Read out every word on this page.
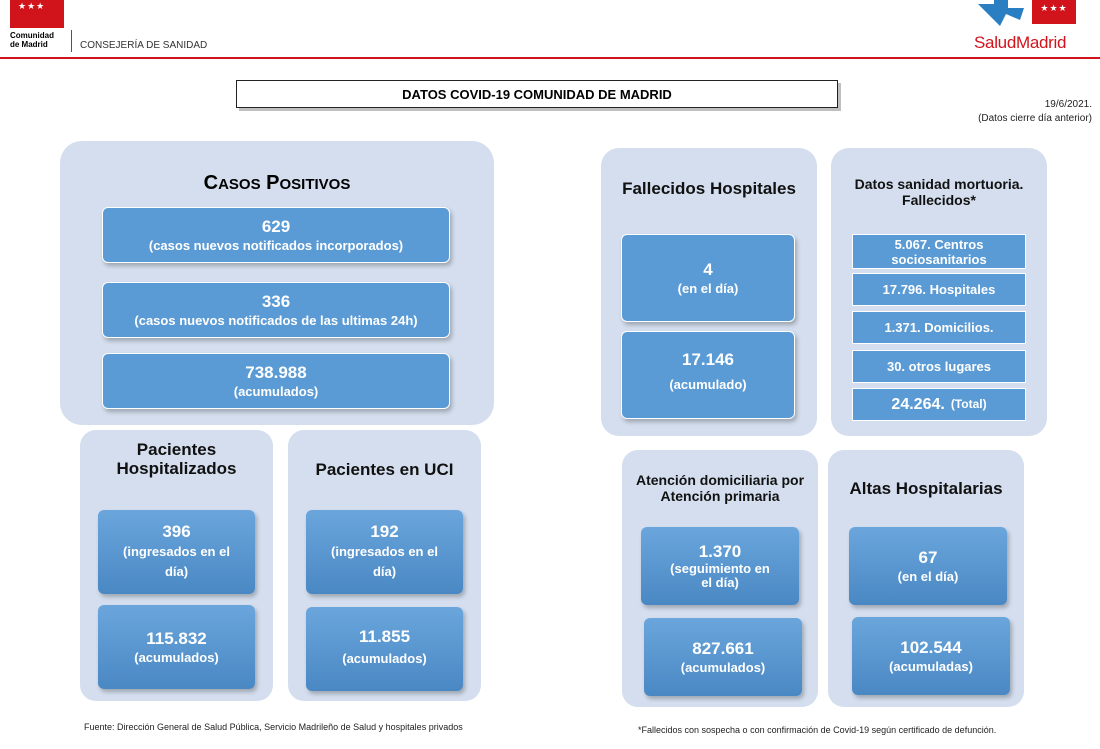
★★★
Comunidad
de Madrid	CONSEJERÍA DE SANIDAD
★★★
SaludMadrid
DATOS COVID-19 COMUNIDAD DE MADRID
19/6/2021.
(Datos cierre día anterior)
CASOS POSITIVOS
629
(casos nuevos notificados incorporados)
336
(casos nuevos notificados de las ultimas 24h)
738.988
(acumulados)
Pacientes Hospitalizados
396
(ingresados en el día)
115.832
(acumulados)
Pacientes en UCI
192
(ingresados en el día)
11.855
(acumulados)
Fallecidos Hospitales
4
(en el día)
17.146
(acumulado)
Datos sanidad mortuoria. Fallecidos*
5.067. Centros sociosanitarios
17.796. Hospitales
1.371. Domicilios.
30. otros lugares
24.264. (Total)
Atención domiciliaria por Atención primaria
1.370
(seguimiento en el día)
827.661
(acumulados)
Altas Hospitalarias
67
(en el día)
102.544
(acumuladas)
Fuente: Dirección General de Salud Pública, Servicio Madrileño de Salud y hospitales privados	*Fallecidos con sospecha o con confirmación de Covid-19 según certificado de defunción.
